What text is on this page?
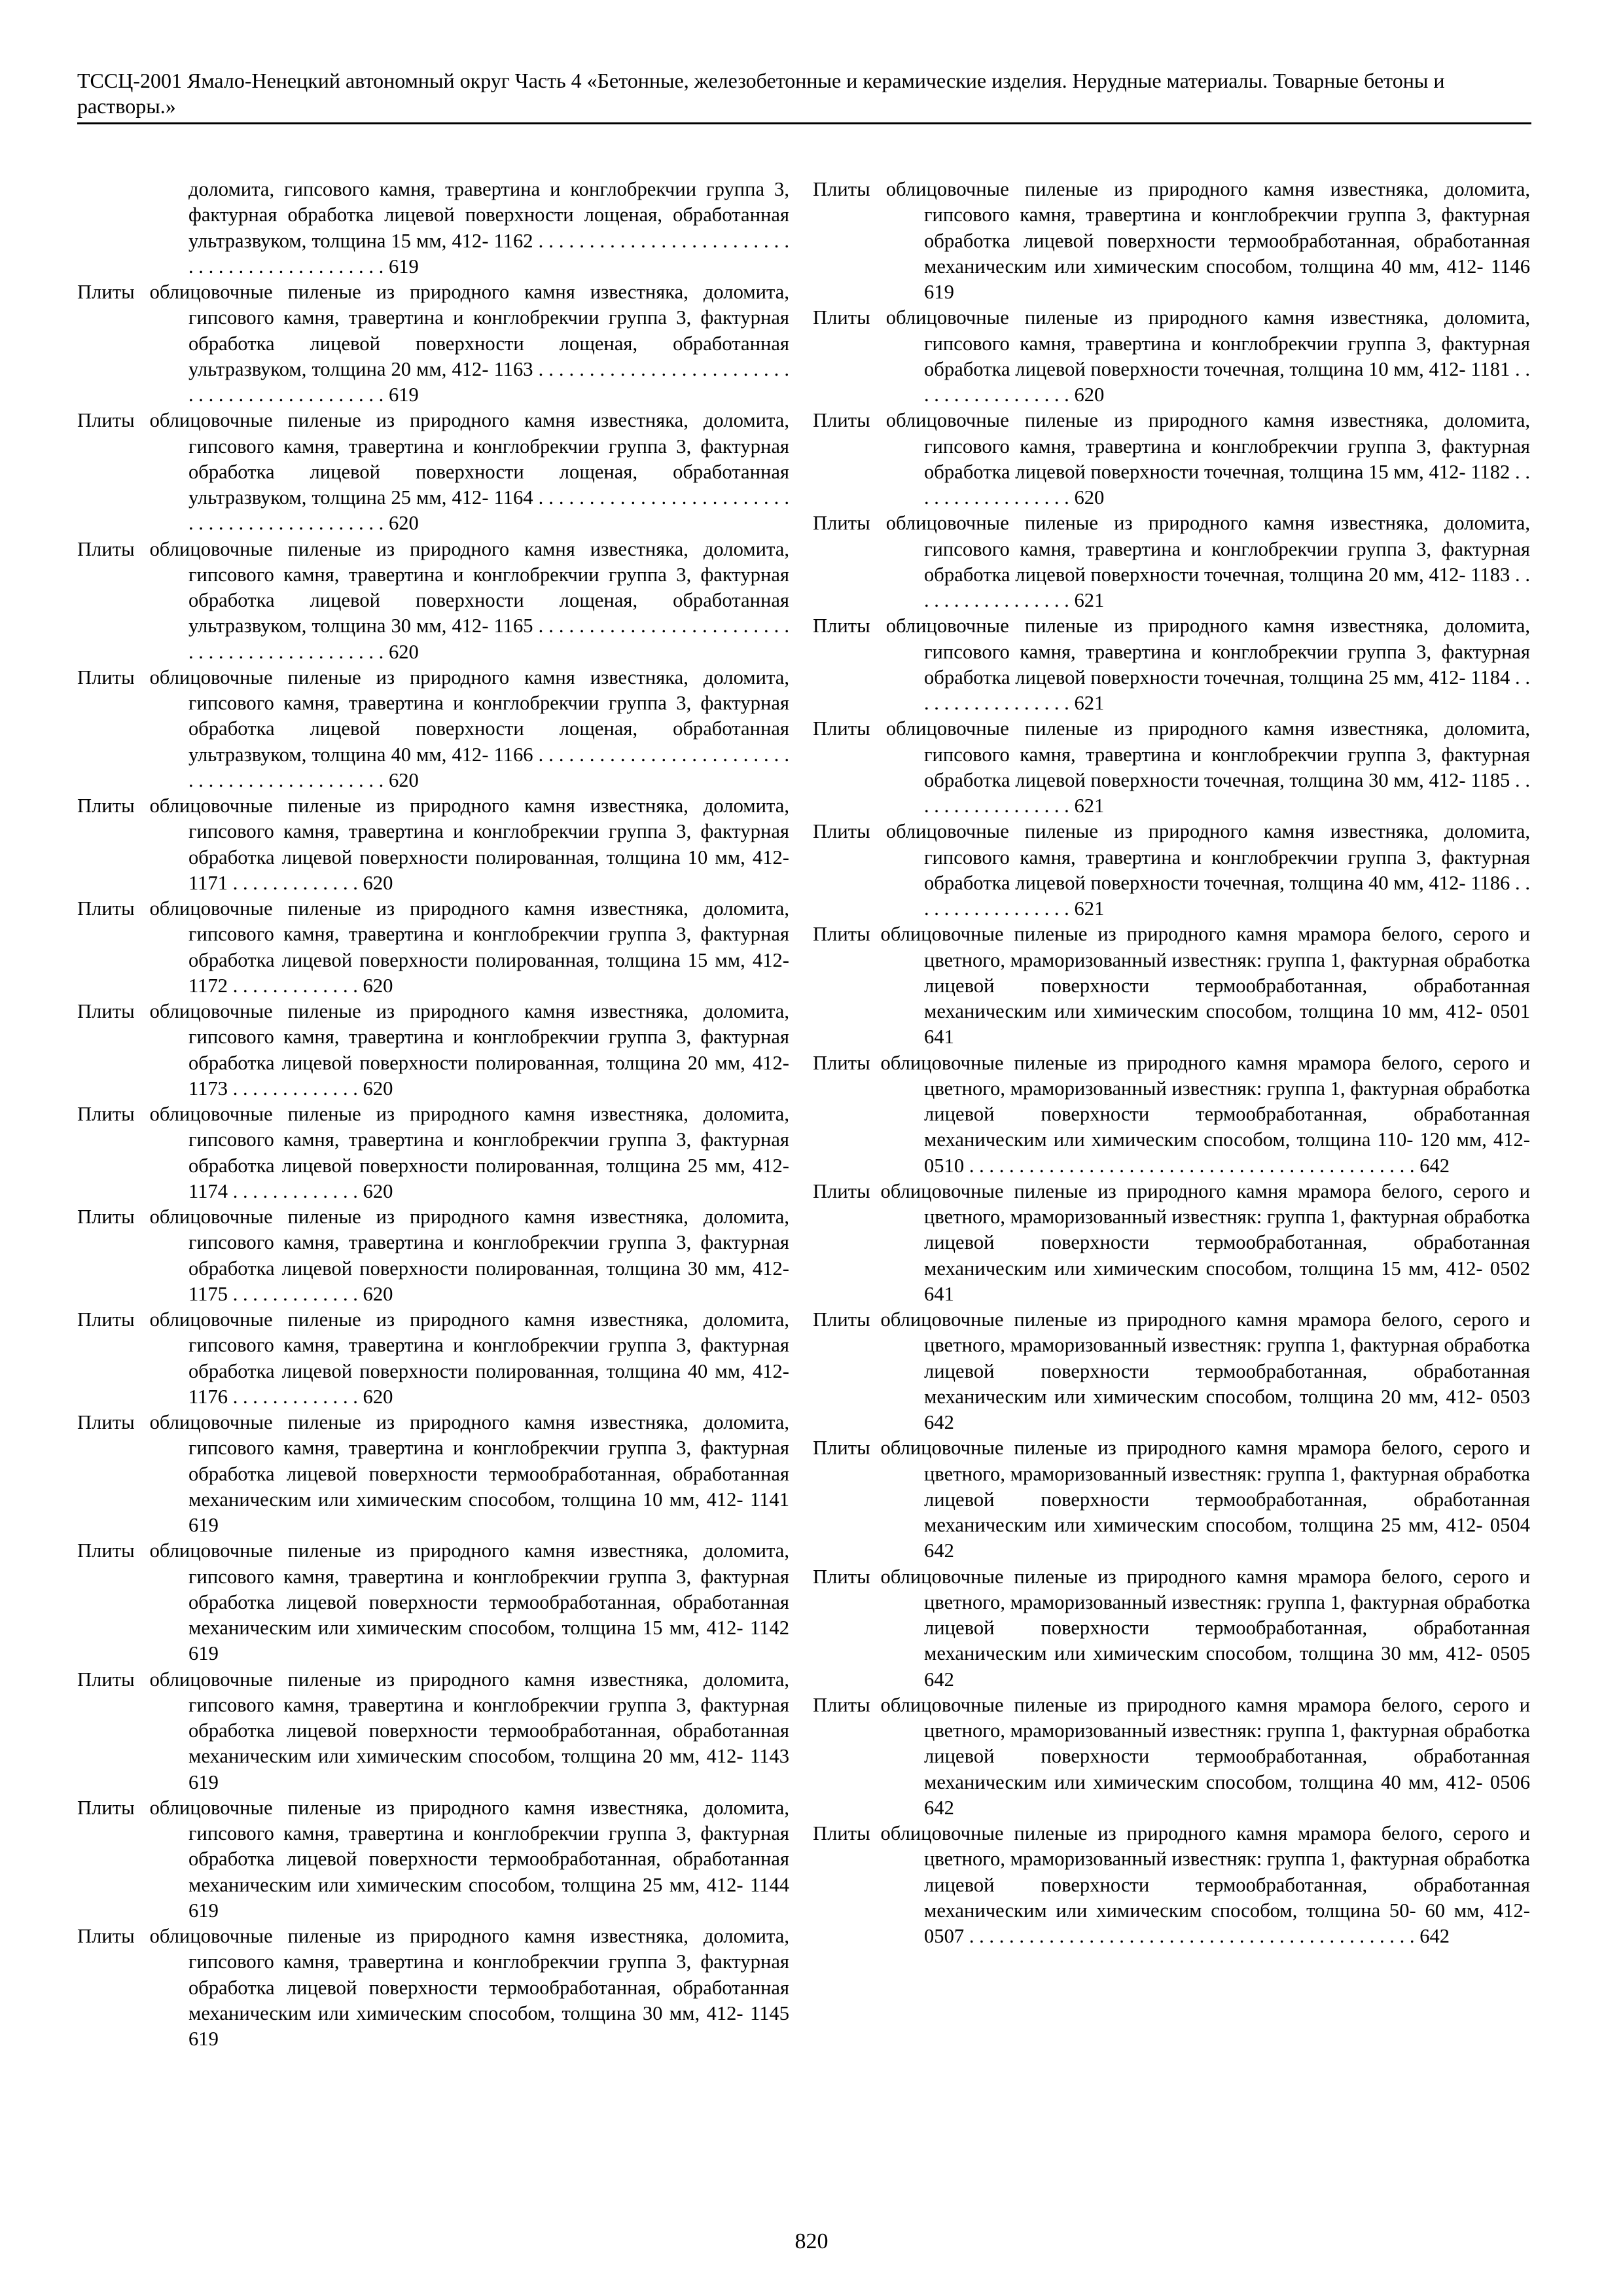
ТССЦ-2001 Ямало-Ненецкий автономный округ Часть 4 «Бетонные, железобетонные и керамические изделия. Нерудные материалы. Товарные бетоны и растворы.»
доломита, гипсового камня, травертина и конглобрекчии группа 3, фактурная обработка лицевой поверхности лощеная, обработанная ультразвуком, толщина 15 мм, 412- 1162 . . . . . . . . . . . . . . . . . . . . . . . . . . . . . . . . . . . . . . . . . . . . . 619
Плиты облицовочные пиленые из природного камня известняка, доломита, гипсового камня, травертина и конглобрекчии группа 3, фактурная обработка лицевой поверхности лощеная, обработанная ультразвуком, толщина 20 мм, 412- 1163 . . . . . . . . . . . . . . . . . . . . . . . . . . . . . . . . . . . . . . . . . . . . . 619
Плиты облицовочные пиленые из природного камня известняка, доломита, гипсового камня, травертина и конглобрекчии группа 3, фактурная обработка лицевой поверхности лощеная, обработанная ультразвуком, толщина 25 мм, 412- 1164 . . . . . . . . . . . . . . . . . . . . . . . . . . . . . . . . . . . . . . . . . . . . . 620
Плиты облицовочные пиленые из природного камня известняка, доломита, гипсового камня, травертина и конглобрекчии группа 3, фактурная обработка лицевой поверхности лощеная, обработанная ультразвуком, толщина 30 мм, 412- 1165 . . . . . . . . . . . . . . . . . . . . . . . . . . . . . . . . . . . . . . . . . . . . . 620
Плиты облицовочные пиленые из природного камня известняка, доломита, гипсового камня, травертина и конглобрекчии группа 3, фактурная обработка лицевой поверхности лощеная, обработанная ультразвуком, толщина 40 мм, 412- 1166 . . . . . . . . . . . . . . . . . . . . . . . . . . . . . . . . . . . . . . . . . . . . . 620
Плиты облицовочные пиленые из природного камня известняка, доломита, гипсового камня, травертина и конглобрекчии группа 3, фактурная обработка лицевой поверхности полированная, толщина 10 мм, 412- 1171 . . . . . . . . . . . . . 620
Плиты облицовочные пиленые из природного камня известняка, доломита, гипсового камня, травертина и конглобрекчии группа 3, фактурная обработка лицевой поверхности полированная, толщина 15 мм, 412- 1172 . . . . . . . . . . . . . 620
Плиты облицовочные пиленые из природного камня известняка, доломита, гипсового камня, травертина и конглобрекчии группа 3, фактурная обработка лицевой поверхности полированная, толщина 20 мм, 412- 1173 . . . . . . . . . . . . . 620
Плиты облицовочные пиленые из природного камня известняка, доломита, гипсового камня, травертина и конглобрекчии группа 3, фактурная обработка лицевой поверхности полированная, толщина 25 мм, 412- 1174 . . . . . . . . . . . . . 620
Плиты облицовочные пиленые из природного камня известняка, доломита, гипсового камня, травертина и конглобрекчии группа 3, фактурная обработка лицевой поверхности полированная, толщина 30 мм, 412- 1175 . . . . . . . . . . . . . 620
Плиты облицовочные пиленые из природного камня известняка, доломита, гипсового камня, травертина и конглобрекчии группа 3, фактурная обработка лицевой поверхности полированная, толщина 40 мм, 412- 1176 . . . . . . . . . . . . . 620
Плиты облицовочные пиленые из природного камня известняка, доломита, гипсового камня, травертина и конглобрекчии группа 3, фактурная обработка лицевой поверхности термообработанная, обработанная механическим или химическим способом, толщина 10 мм, 412- 1141 619
Плиты облицовочные пиленые из природного камня известняка, доломита, гипсового камня, травертина и конглобрекчии группа 3, фактурная обработка лицевой поверхности термообработанная, обработанная механическим или химическим способом, толщина 15 мм, 412- 1142 619
Плиты облицовочные пиленые из природного камня известняка, доломита, гипсового камня, травертина и конглобрекчии группа 3, фактурная обработка лицевой поверхности термообработанная, обработанная механическим или химическим способом, толщина 20 мм, 412- 1143 619
Плиты облицовочные пиленые из природного камня известняка, доломита, гипсового камня, травертина и конглобрекчии группа 3, фактурная обработка лицевой поверхности термообработанная, обработанная механическим или химическим способом, толщина 25 мм, 412- 1144 619
Плиты облицовочные пиленые из природного камня известняка, доломита, гипсового камня, травертина и конглобрекчии группа 3, фактурная обработка лицевой поверхности термообработанная, обработанная механическим или химическим способом, толщина 30 мм, 412- 1145 619
Плиты облицовочные пиленые из природного камня известняка, доломита, гипсового камня, травертина и конглобрекчии группа 3, фактурная обработка лицевой поверхности термообработанная, обработанная механическим или химическим способом, толщина 40 мм, 412- 1146 619
Плиты облицовочные пиленые из природного камня известняка, доломита, гипсового камня, травертина и конглобрекчии группа 3, фактурная обработка лицевой поверхности точечная, толщина 10 мм, 412- 1181 . . . . . . . . . . . . . . . . . 620
Плиты облицовочные пиленые из природного камня известняка, доломита, гипсового камня, травертина и конглобрекчии группа 3, фактурная обработка лицевой поверхности точечная, толщина 15 мм, 412- 1182 . . . . . . . . . . . . . . . . . 620
Плиты облицовочные пиленые из природного камня известняка, доломита, гипсового камня, травертина и конглобрекчии группа 3, фактурная обработка лицевой поверхности точечная, толщина 20 мм, 412- 1183 . . . . . . . . . . . . . . . . . 621
Плиты облицовочные пиленые из природного камня известняка, доломита, гипсового камня, травертина и конглобрекчии группа 3, фактурная обработка лицевой поверхности точечная, толщина 25 мм, 412- 1184 . . . . . . . . . . . . . . . . . 621
Плиты облицовочные пиленые из природного камня известняка, доломита, гипсового камня, травертина и конглобрекчии группа 3, фактурная обработка лицевой поверхности точечная, толщина 30 мм, 412- 1185 . . . . . . . . . . . . . . . . . 621
Плиты облицовочные пиленые из природного камня известняка, доломита, гипсового камня, травертина и конглобрекчии группа 3, фактурная обработка лицевой поверхности точечная, толщина 40 мм, 412- 1186 . . . . . . . . . . . . . . . . . 621
Плиты облицовочные пиленые из природного камня мрамора белого, серого и цветного, мраморизованный известняк: группа 1, фактурная обработка лицевой поверхности термообработанная, обработанная механическим или химическим способом, толщина 10 мм, 412- 0501 641
Плиты облицовочные пиленые из природного камня мрамора белого, серого и цветного, мраморизованный известняк: группа 1, фактурная обработка лицевой поверхности термообработанная, обработанная механическим или химическим способом, толщина 110- 120 мм, 412- 0510 . . . . . . . . . . . . . . . . . . . . . . . . . . . . . . . . . . . . . . . . . . . . . 642
Плиты облицовочные пиленые из природного камня мрамора белого, серого и цветного, мраморизованный известняк: группа 1, фактурная обработка лицевой поверхности термообработанная, обработанная механическим или химическим способом, толщина 15 мм, 412- 0502 641
Плиты облицовочные пиленые из природного камня мрамора белого, серого и цветного, мраморизованный известняк: группа 1, фактурная обработка лицевой поверхности термообработанная, обработанная механическим или химическим способом, толщина 20 мм, 412- 0503 642
Плиты облицовочные пиленые из природного камня мрамора белого, серого и цветного, мраморизованный известняк: группа 1, фактурная обработка лицевой поверхности термообработанная, обработанная механическим или химическим способом, толщина 25 мм, 412- 0504 642
Плиты облицовочные пиленые из природного камня мрамора белого, серого и цветного, мраморизованный известняк: группа 1, фактурная обработка лицевой поверхности термообработанная, обработанная механическим или химическим способом, толщина 30 мм, 412- 0505 642
Плиты облицовочные пиленые из природного камня мрамора белого, серого и цветного, мраморизованный известняк: группа 1, фактурная обработка лицевой поверхности термообработанная, обработанная механическим или химическим способом, толщина 40 мм, 412- 0506 642
Плиты облицовочные пиленые из природного камня мрамора белого, серого и цветного, мраморизованный известняк: группа 1, фактурная обработка лицевой поверхности термообработанная, обработанная механическим или химическим способом, толщина 50- 60 мм, 412- 0507 . . . . . . . . . . . . . . . . . . . . . . . . . . . . . . . . . . . . . . . . . . . . . 642
820
